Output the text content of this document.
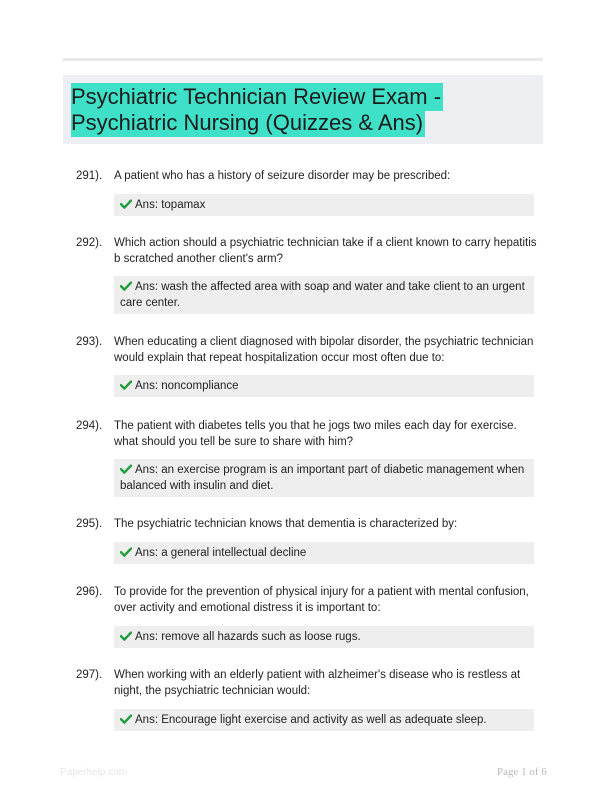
Psychiatric Technician Review Exam - Psychiatric Nursing (Quizzes & Ans)
291). A patient who has a history of seizure disorder may be prescribed:
Ans: topamax
292). Which action should a psychiatric technician take if a client known to carry hepatitis b scratched another client's arm?
Ans: wash the affected area with soap and water and take client to an urgent care center.
293). When educating a client diagnosed with bipolar disorder, the psychiatric technician would explain that repeat hospitalization occur most often due to:
Ans: noncompliance
294). The patient with diabetes tells you that he jogs two miles each day for exercise. what should you tell be sure to share with him?
Ans: an exercise program is an important part of diabetic management when balanced with insulin and diet.
295). The psychiatric technician knows that dementia is characterized by:
Ans: a general intellectual decline
296). To provide for the prevention of physical injury for a patient with mental confusion, over activity and emotional distress it is important to:
Ans: remove all hazards such as loose rugs.
297). When working with an elderly patient with alzheimer's disease who is restless at night, the psychiatric technician would:
Ans: Encourage light exercise and activity as well as adequate sleep.
Paperhelp.com	Page 1 of 6
